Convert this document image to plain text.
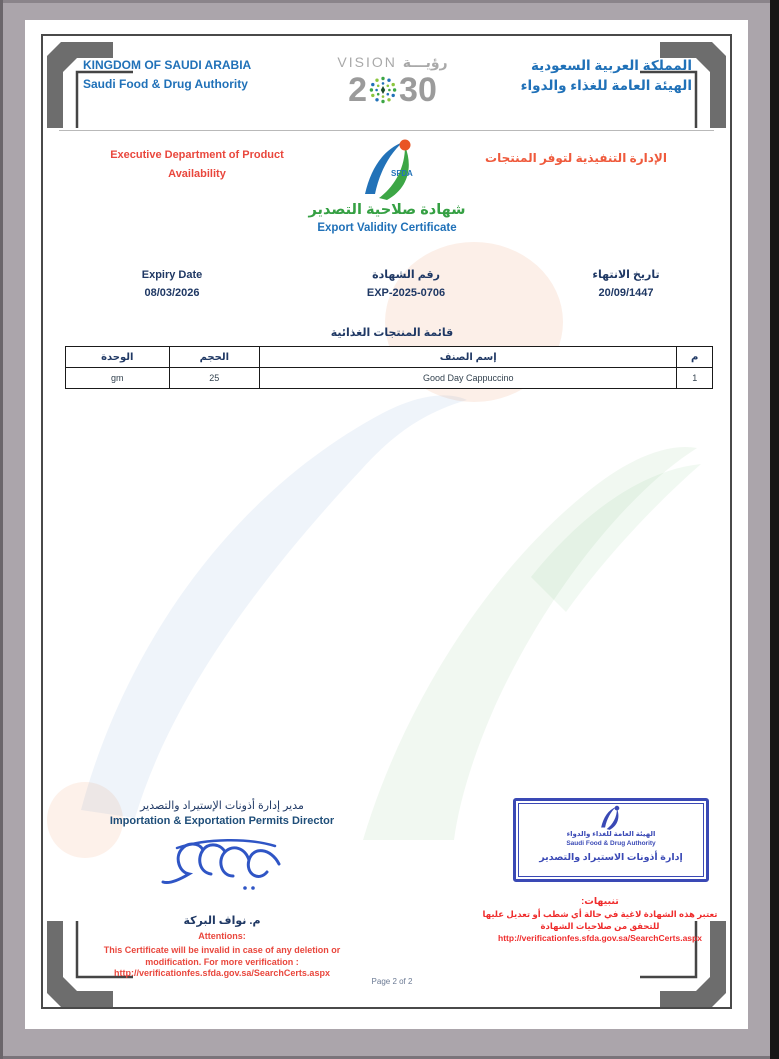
KINGDOM OF SAUDI ARABIA
Saudi Food & Drug Authority
VISION رؤيـــة
2 30
المملكة العربية السعودية
الهيئة العامة للغذاء والدواء
Executive Department of Product
Availability
الإدارة التنفيذية لتوفر المنتجات
SFDA
شهادة صلاحية التصدير
Export Validity Certificate
Expiry Date
08/03/2026
رقم الشهادة
EXP-2025-0706
تاريخ الانتهاء
20/09/1447
قائمة المنتجات الغذائية
الوحدة	الحجم	إسم الصنف	م
gm	25	Good Day Cappuccino	1
مدير إدارة أذونات الإستيراد والتصدير
Importation & Exportation Permits Director
م. نواف البركة
Attentions:
This Certificate will be invalid in case of any deletion or
modification. For more verification :
http://verificationfes.sfda.gov.sa/SearchCerts.aspx
الهيئة العامة للغذاء والدواء
Saudi Food & Drug Authority
إدارة أذونات الاستيراد والتصدير
تنبيهات:
تعتبر هذه الشهادة لاغية في حالة أي شطب أو تعديل عليها
للتحقق من صلاحيات الشهادة
http://verificationfes.sfda.gov.sa/SearchCerts.aspx
Page 2 of 2
